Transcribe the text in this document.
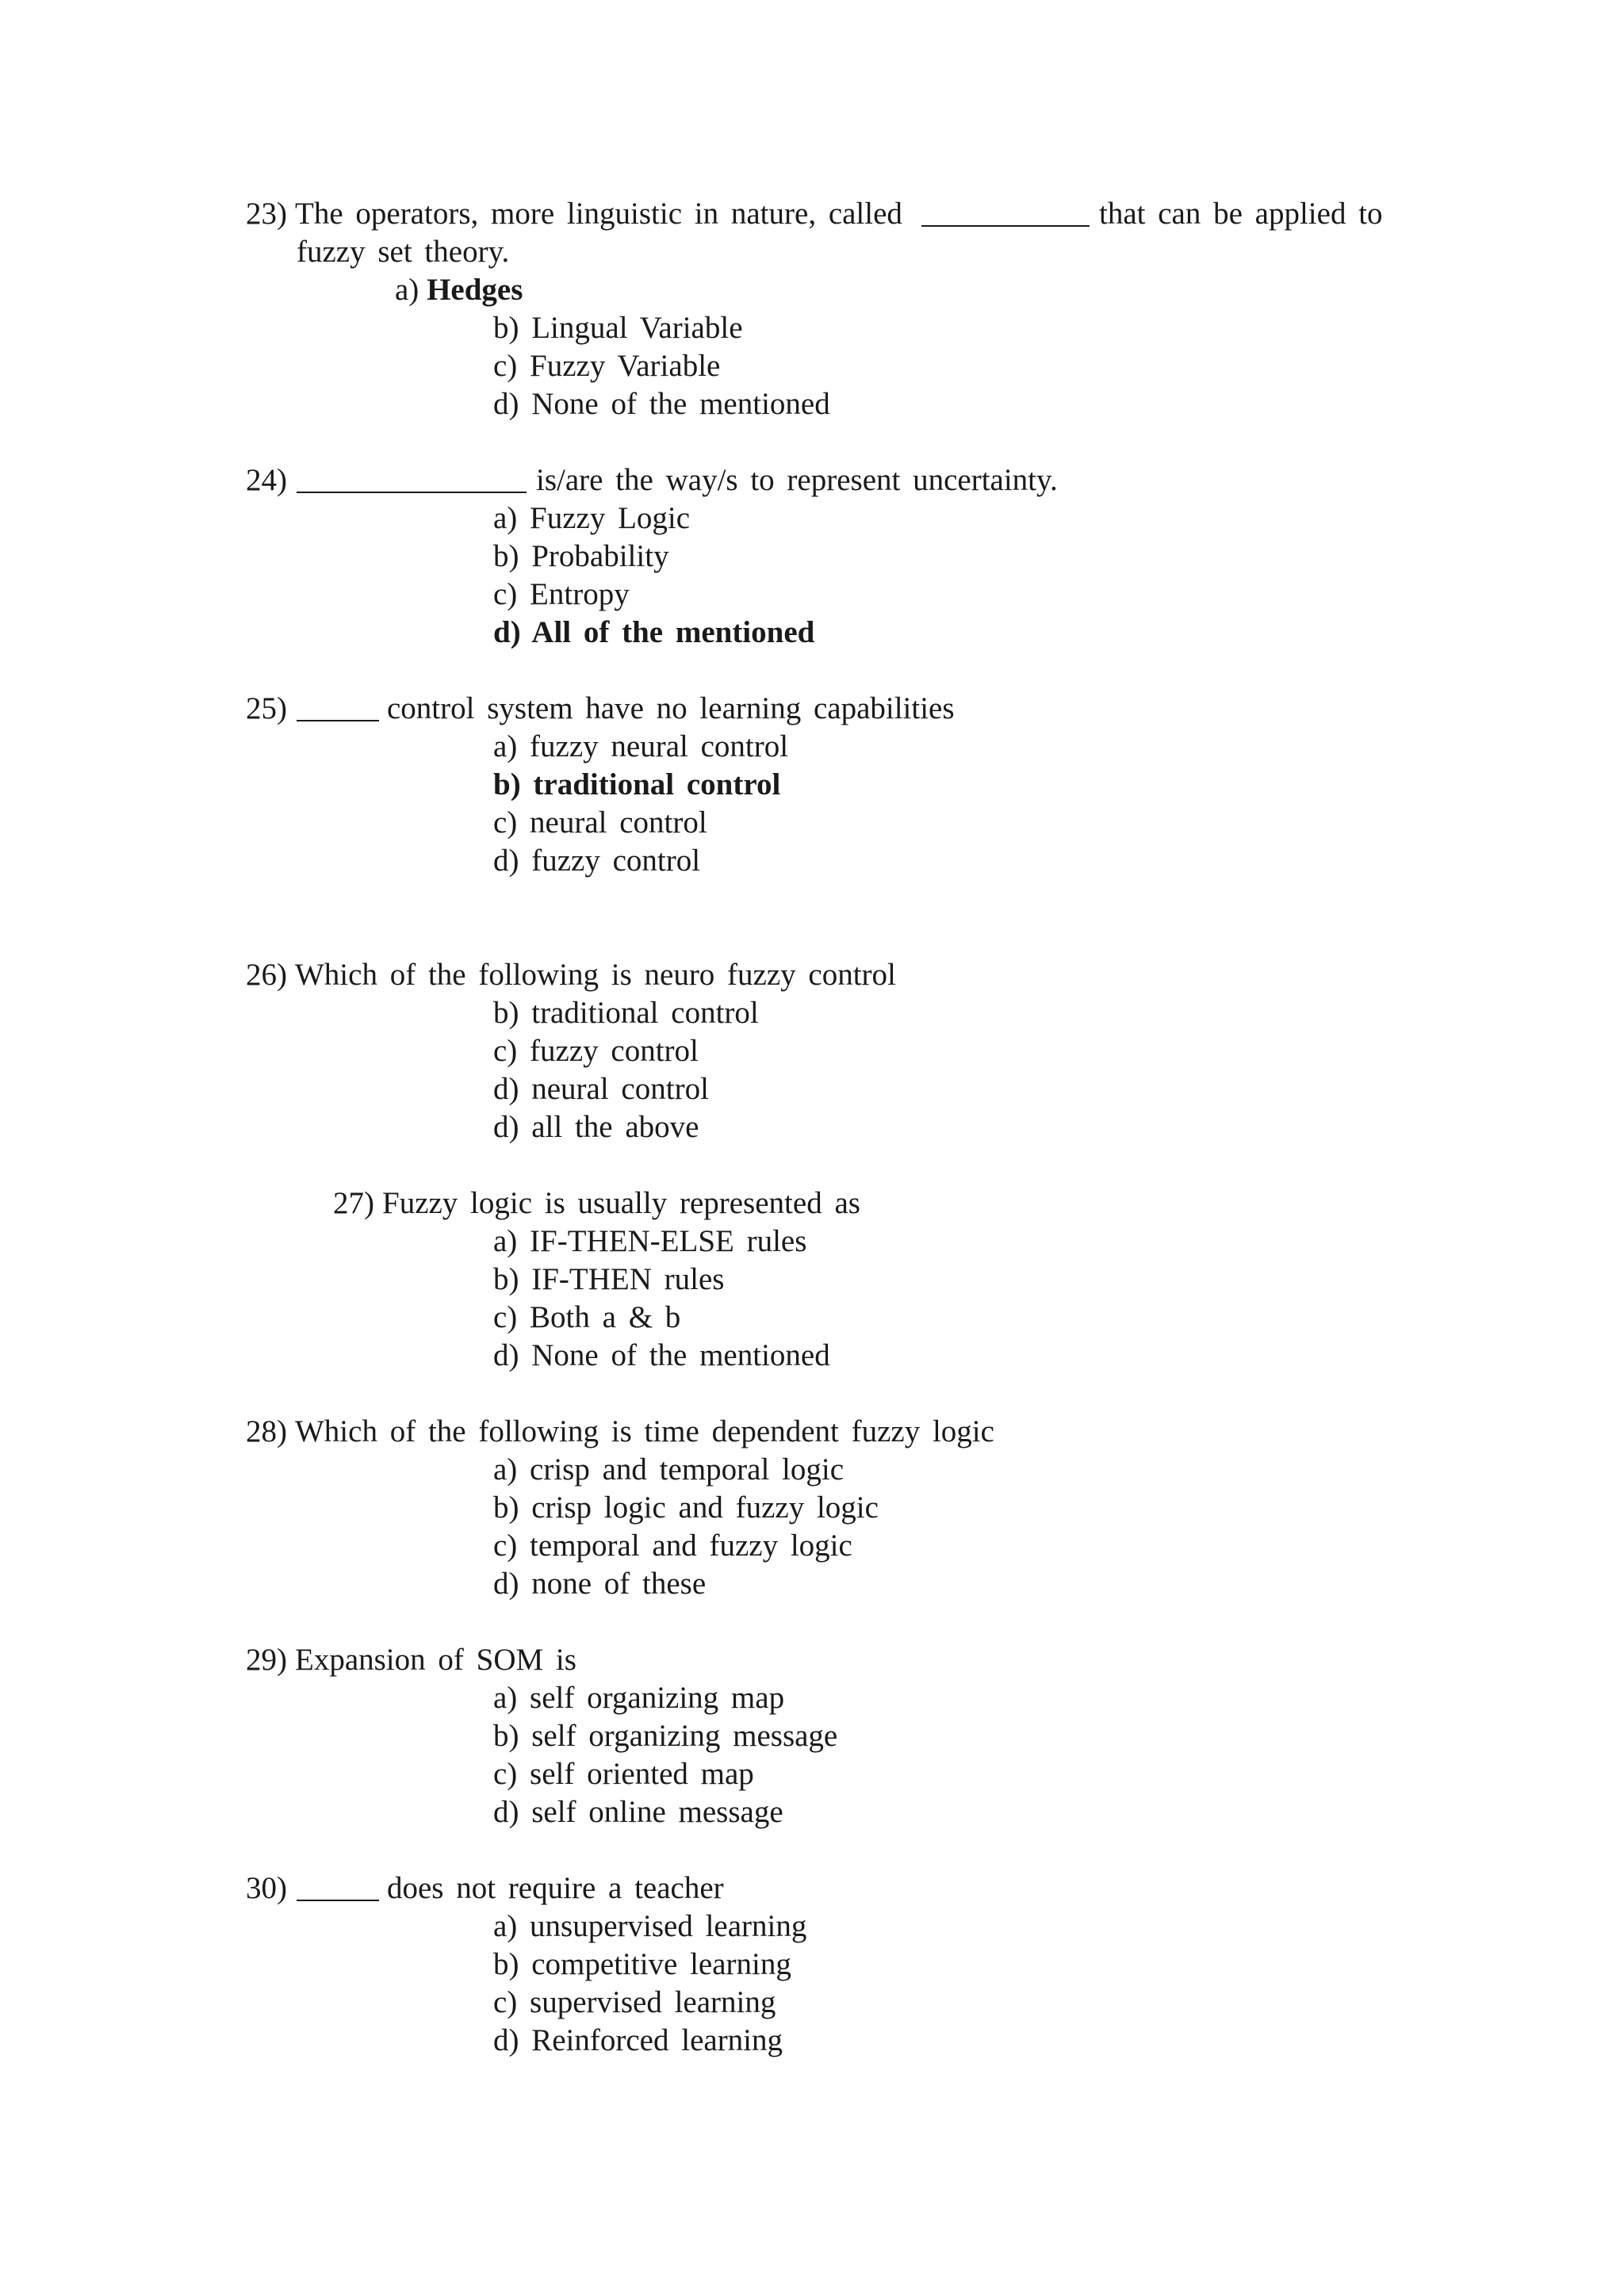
23) The operators, more linguistic in nature, called	that can be applied to
fuzzy set theory.
a) Hedges
b) Lingual Variable
c) Fuzzy Variable
d) None of the mentioned
24)	is/are the way/s to represent uncertainty.
a) Fuzzy Logic
b) Probability
c) Entropy
d) All of the mentioned
25)	control system have no learning capabilities
a) fuzzy neural control
b) traditional control
c) neural control
d) fuzzy control
26) Which of the following is neuro fuzzy control
b) traditional control
c) fuzzy control
d) neural control
d) all the above
27) Fuzzy logic is usually represented as
a) IF-THEN-ELSE rules
b) IF-THEN rules
c) Both a & b
d) None of the mentioned
28) Which of the following is time dependent fuzzy logic
a) crisp and temporal logic
b) crisp logic and fuzzy logic
c) temporal and fuzzy logic
d) none of these
29) Expansion of SOM is
a) self organizing map
b) self organizing message
c) self oriented map
d) self online message
30)	does not require a teacher
a) unsupervised learning
b) competitive learning
c) supervised learning
d) Reinforced learning
